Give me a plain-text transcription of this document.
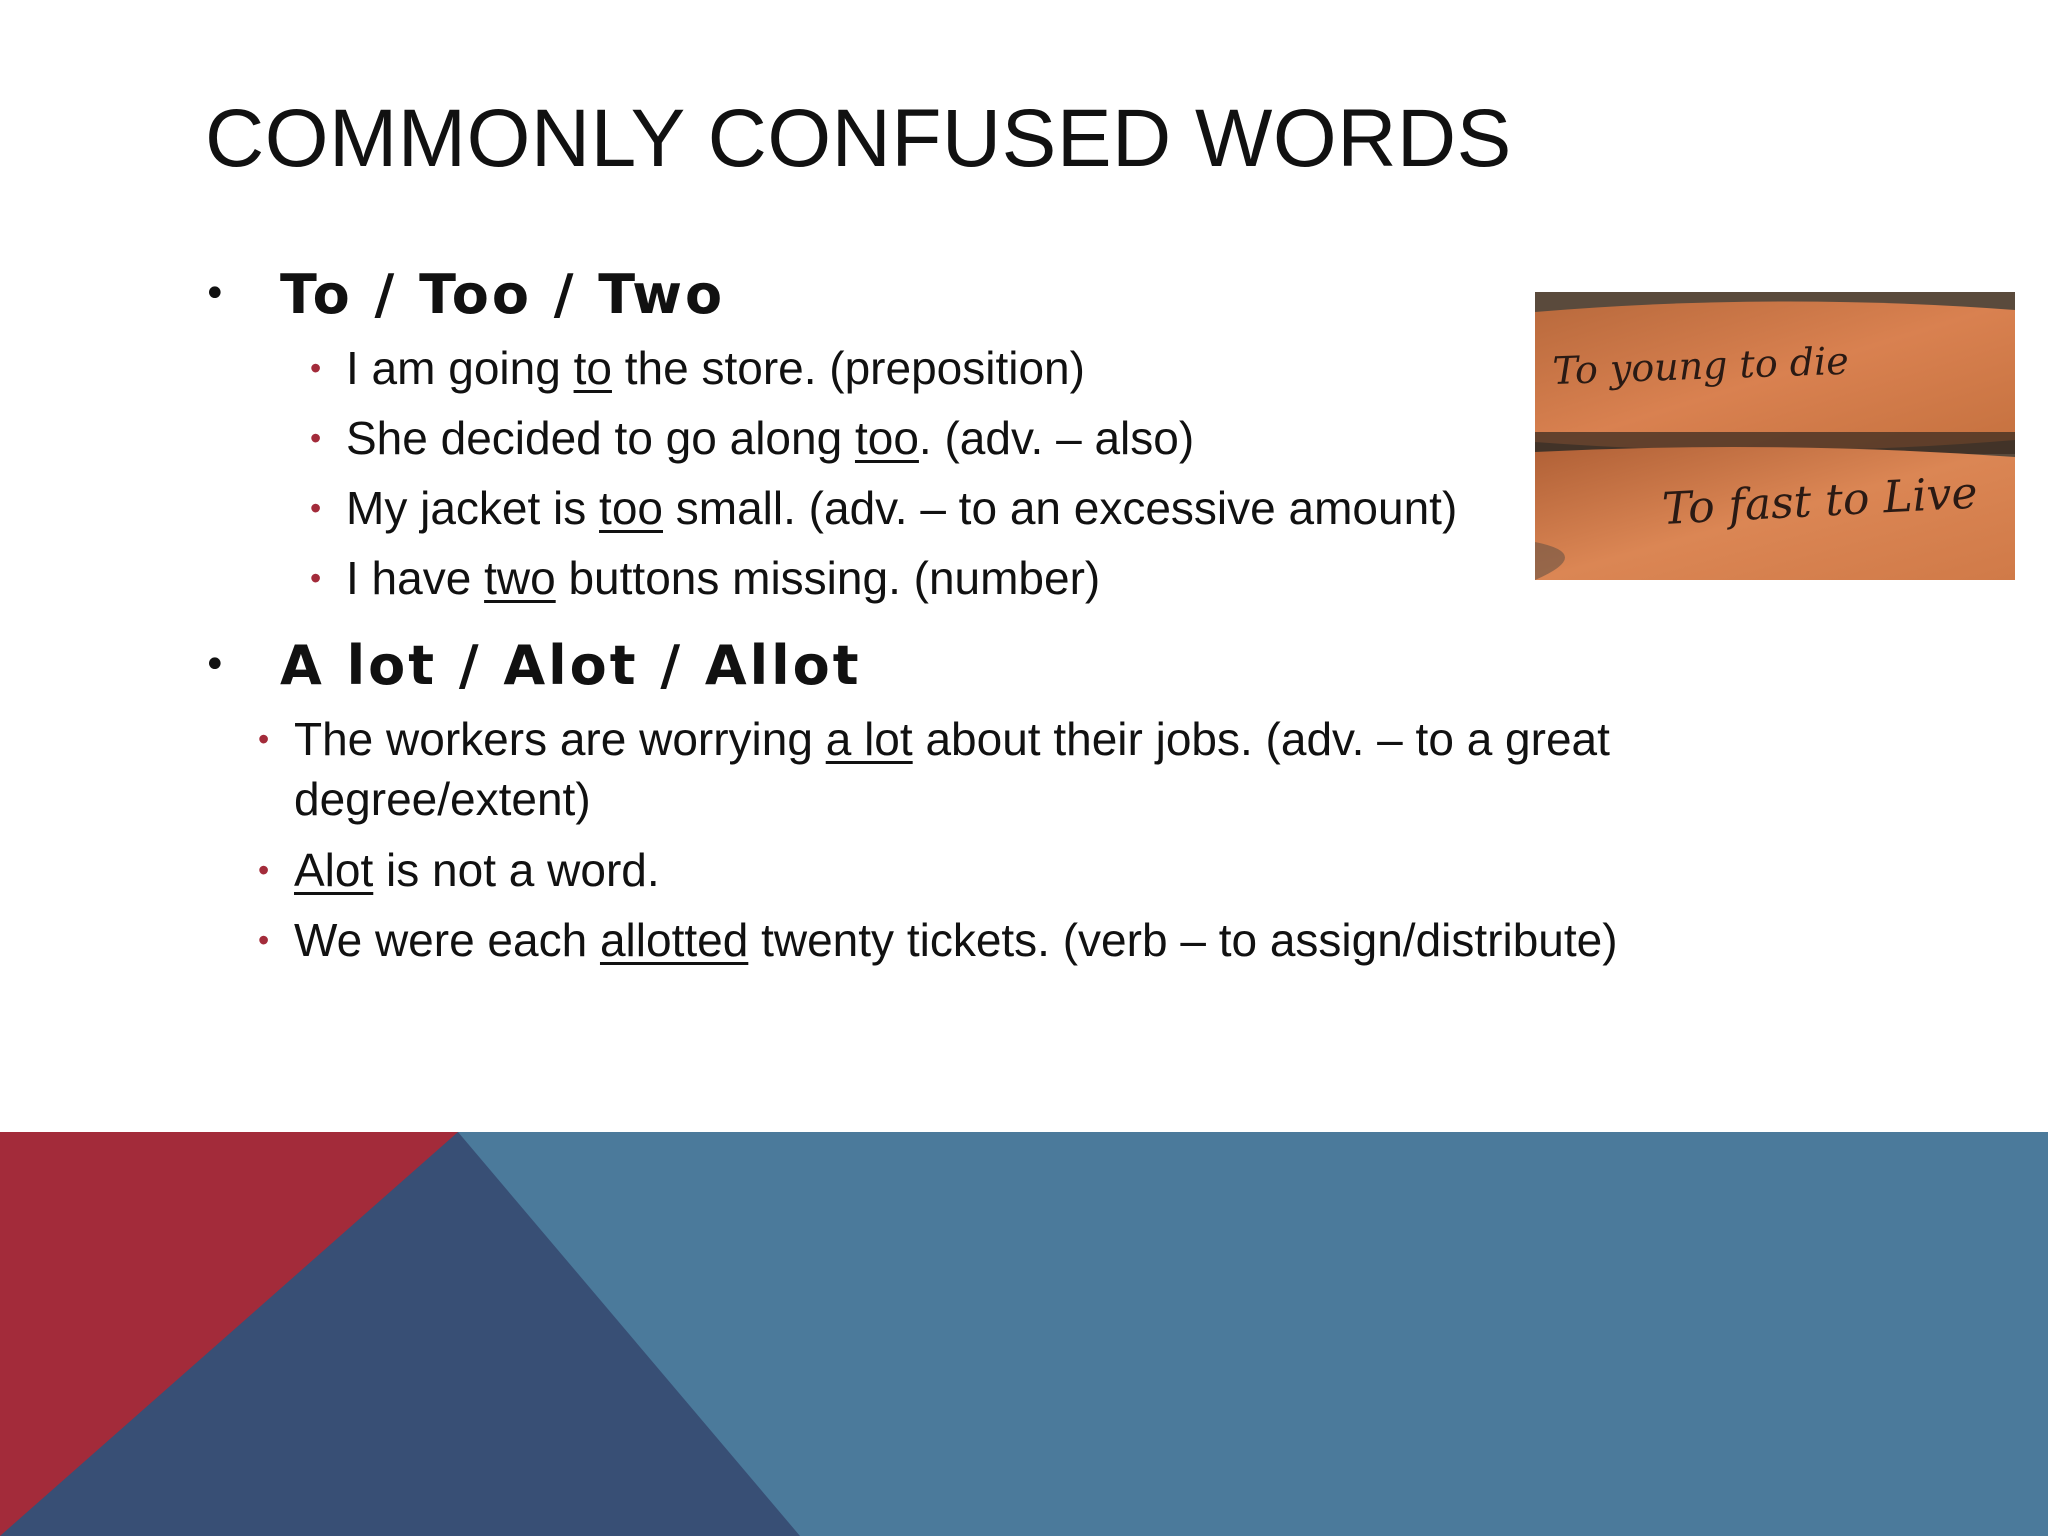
COMMONLY CONFUSED WORDS
• To / Too / Two
• I am going to the store. (preposition)
• She decided to go along too. (adv. – also)
• My jacket is too small. (adv. – to an excessive amount)
• I have two buttons missing. (number)
• A lot / Alot / Allot
• The workers are worrying a lot about their jobs. (adv. – to a great degree/extent)
• Alot is not a word.
• We were each allotted twenty tickets. (verb – to assign/distribute)
To young to die
To fast to Live
